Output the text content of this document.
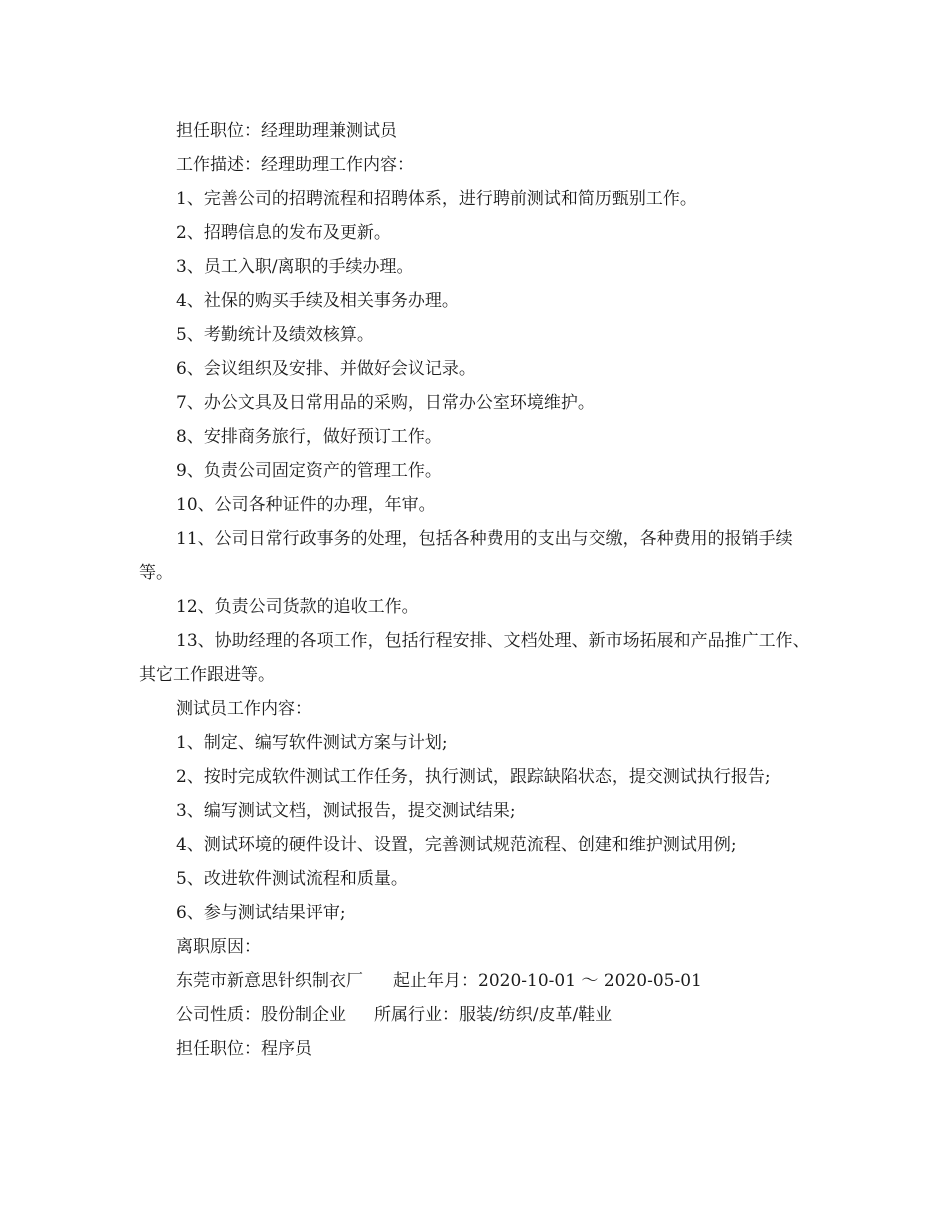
担任职位：经理助理兼测试员

工作描述：经理助理工作内容：

1、完善公司的招聘流程和招聘体系，进行聘前测试和简历甄别工作。

2、招聘信息的发布及更新。

3、员工入职/离职的手续办理。

4、社保的购买手续及相关事务办理。

5、考勤统计及绩效核算。

6、会议组织及安排、并做好会议记录。

7、办公文具及日常用品的采购，日常办公室环境维护。

8、安排商务旅行，做好预订工作。

9、负责公司固定资产的管理工作。

10、公司各种证件的办理，年审。

11、公司日常行政事务的处理，包括各种费用的支出与交缴，各种费用的报销手续等。

12、负责公司货款的追收工作。

13、协助经理的各项工作，包括行程安排、文档处理、新市场拓展和产品推广工作、其它工作跟进等。

测试员工作内容：

1、制定、编写软件测试方案与计划;

2、按时完成软件测试工作任务，执行测试，跟踪缺陷状态，提交测试执行报告;

3、编写测试文档，测试报告，提交测试结果;

4、测试环境的硬件设计、设置，完善测试规范流程、创建和维护测试用例;

5、改进软件测试流程和质量。

6、参与测试结果评审;

离职原因：

东莞市新意思针织制衣厂 起止年月：2020-10-01 ～ 2020-05-01

公司性质：股份制企业 所属行业：服装/纺织/皮革/鞋业

担任职位：程序员
